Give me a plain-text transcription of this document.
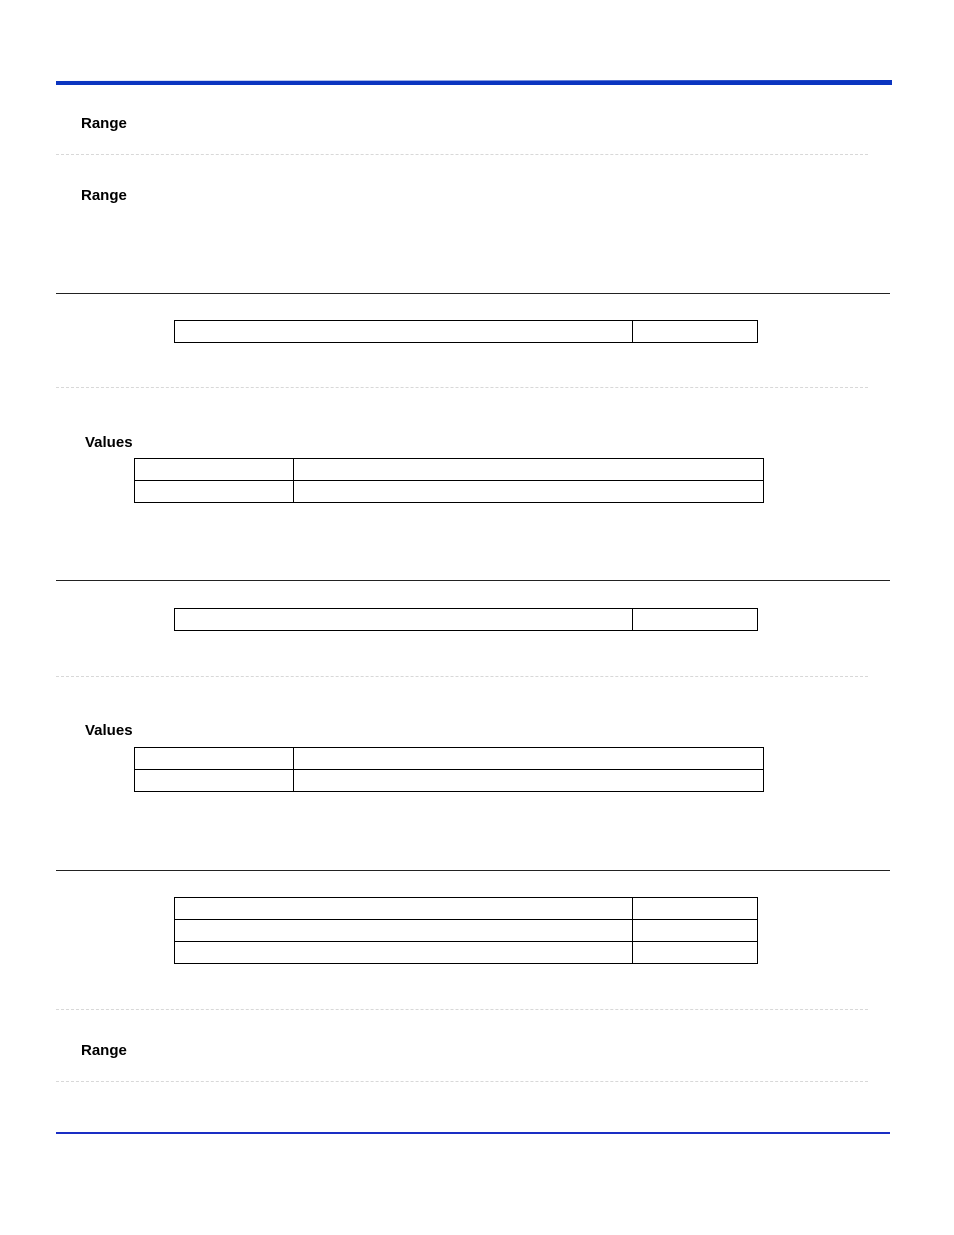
Range
Range

Values

Values

Range
